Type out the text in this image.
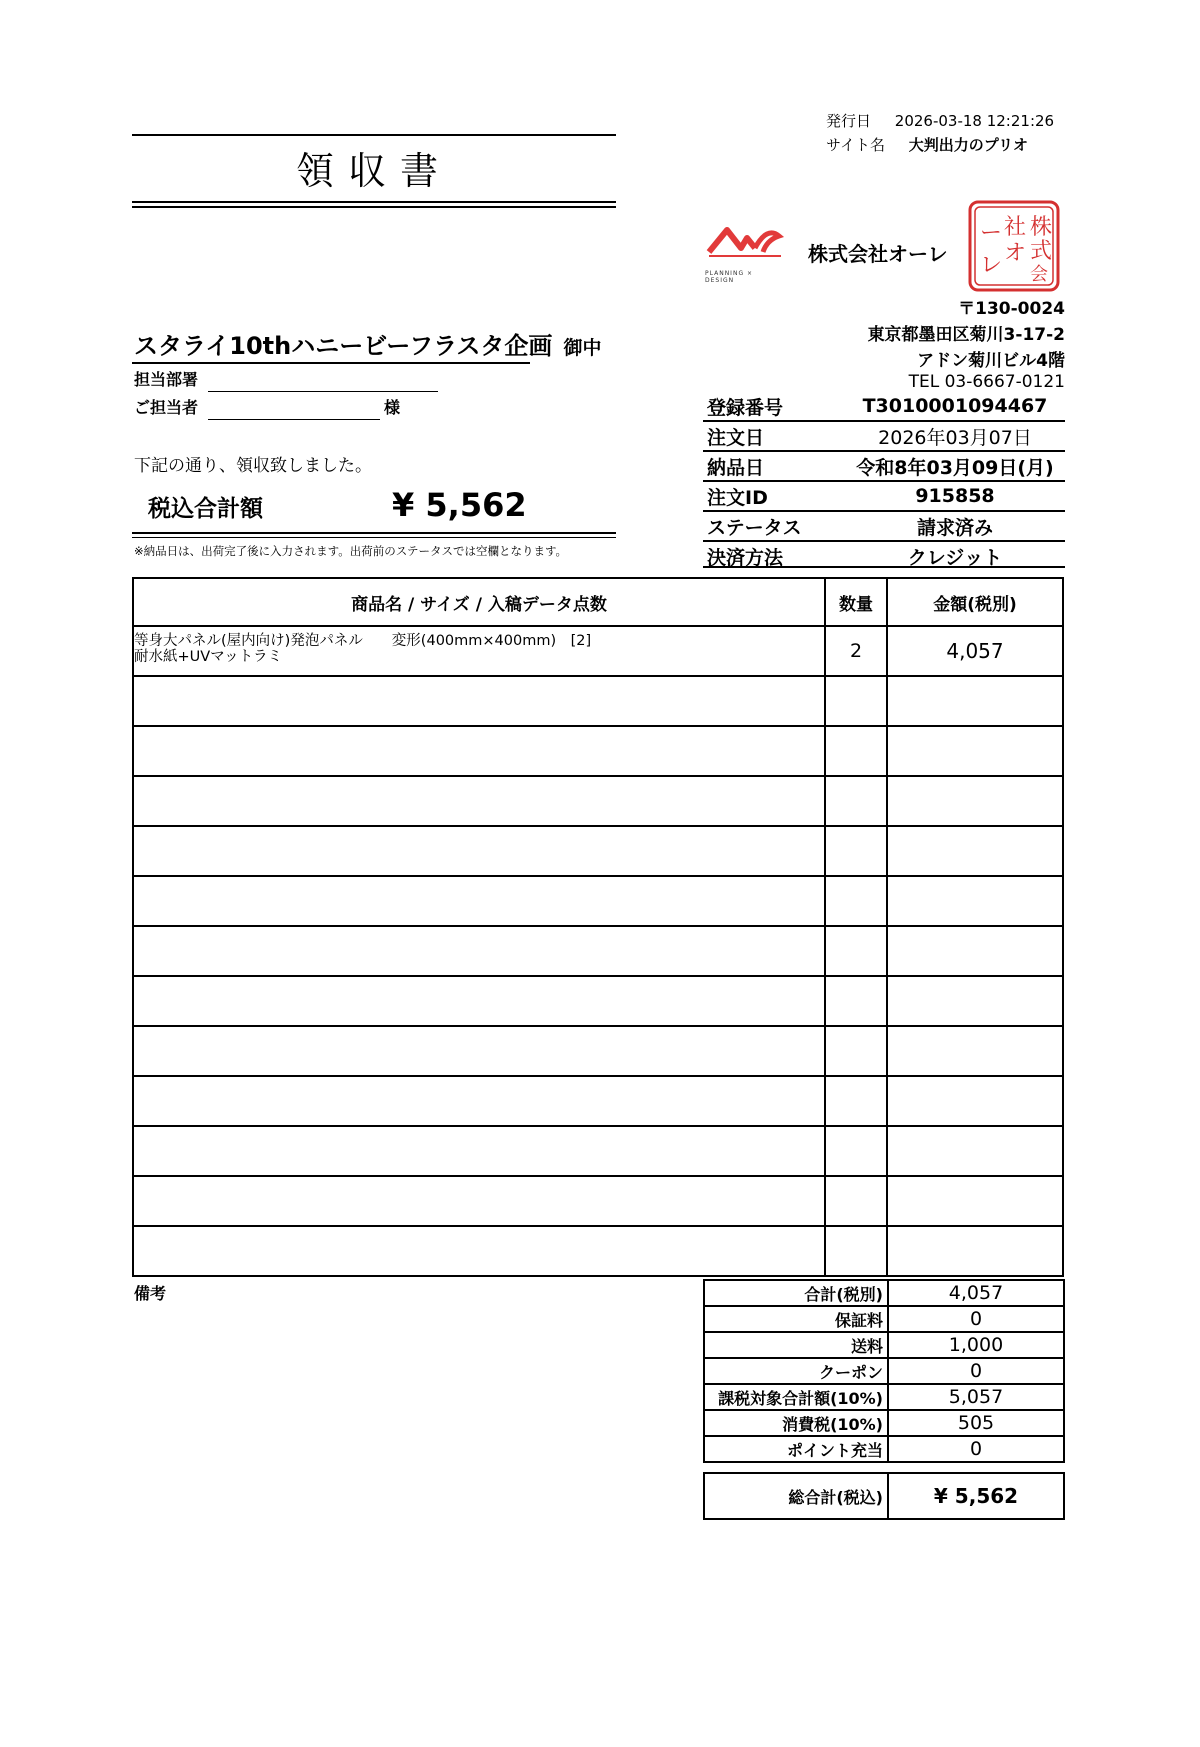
発行日 2026-03-18 12:21:26
サイト名 大判出力のプリオ
領収書
PLANNING × DESIGN
株式会社オーレ
株
式
会
社
オ
ー
レ
〒130-0024
東京都墨田区菊川3-17-2
アドン菊川ビル4階
TEL 03-6667-0121
スタライ10thハニービーフラスタ企画 御中
担当部署
ご担当者	様
下記の通り、領収致しました。
税込合計額	¥ 5,562
※納品日は、出荷完了後に入力されます。出荷前のステータスでは空欄となります。
登録番号	T3010001094467
注文日	2026年03月07日
納品日	令和8年03月09日(月)
注文ID	915858
ステータス	請求済み
決済方法	クレジット
商品名 / サイズ / 入稿データ点数	数量	金額(税別)

等身大パネル(屋内向け)発泡パネル　　変形(400mm×400mm)　[2]
耐水紙+UVマットラミ	2	4,057

備考	合計(税別)	4,057
保証料	0
送料	1,000
クーポン	0
課税対象合計額(10%)	5,057
消費税(10%)	505
ポイント充当	0
総合計(税込)	¥ 5,562
